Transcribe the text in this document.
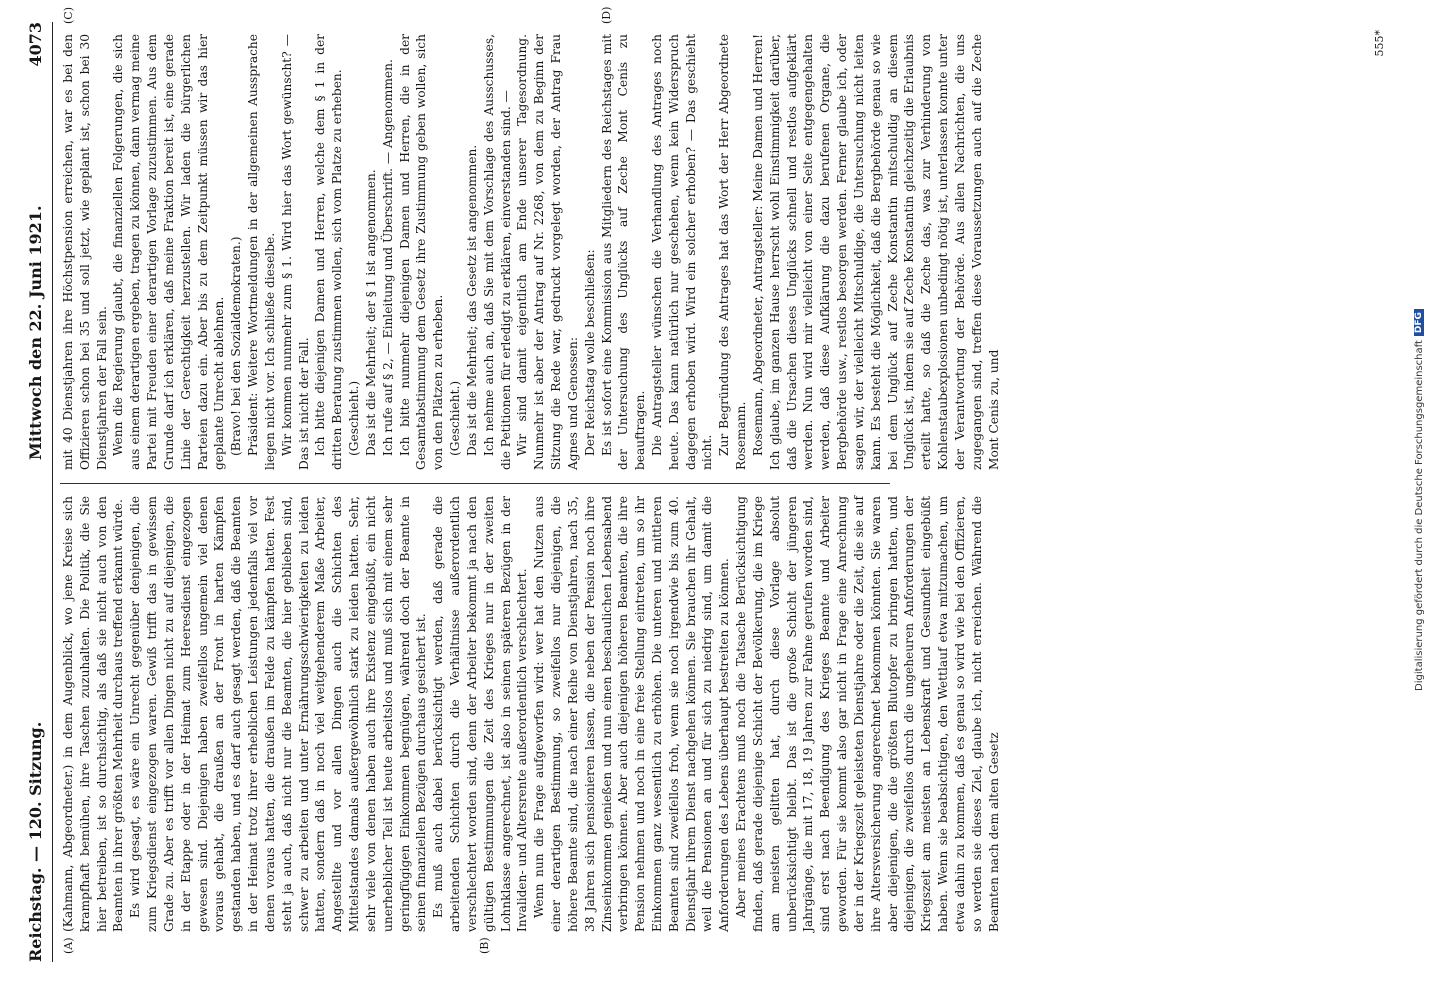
Reichstag. — 120. Sitzung.
Mittwoch den 22. Juni 1921.
4073
(A)	(B)
(C)	(D)

(Kahmann, Abgeordneter.) in dem Augenblick, wo jene Kreise sich krampfhaft bemühen, ihre Taschen zuzuhalten. Die Politik, die Sie hier betreiben, ist so durchsichtig, als daß sie nicht auch von den Beamten in ihrer größten Mehrheit durchaus treffend erkannt würde. Es wird gesagt, es wäre ein Unrecht gegenüber denjenigen, die zum Kriegsdienst eingezogen waren. Gewiß trifft das in gewissem Grade zu. Aber es trifft vor allen Dingen nicht zu auf diejenigen, die in der Etappe oder in der Heimat zum Heeresdienst eingezogen gewesen sind. Diejenigen haben zweifellos ungemein viel denen voraus gehabt, die draußen an der Front in harten Kämpfen gestanden haben, und es darf auch gesagt werden, daß die Beamten in der Heimat trotz ihrer erheblichen Leistungen jedenfalls viel vor denen voraus hatten, die draußen im Felde zu kämpfen hatten. Fest steht ja auch, daß nicht nur die Beamten, die hier geblieben sind, schwer zu arbeiten und unter Ernährungsschwierigkeiten zu leiden hatten, sondern daß in noch viel weitgehenderem Maße Arbeiter, Angestellte und vor allen Dingen auch die Schichten des Mittelstandes damals außergewöhnlich stark zu leiden hatten. Sehr, sehr viele von denen haben auch ihre Existenz eingebüßt, ein nicht unerheblicher Teil ist heute arbeitslos und muß sich mit einem sehr geringfügigen Einkommen begnügen, während doch der Beamte in seinen finanziellen Bezügen durchaus gesichert ist. Es muß auch dabei berücksichtigt werden, daß gerade die arbeitenden Schichten durch die Verhältnisse außerordentlich verschlechtert worden sind, denn der Arbeiter bekommt ja nach den gültigen Bestimmungen die Zeit des Krieges nur in der zweiten Lohnklasse angerechnet, ist also in seinen späteren Bezügen in der Invaliden- und Altersrente außerordentlich verschlechtert. Wenn nun die Frage aufgeworfen wird: wer hat den Nutzen aus einer derartigen Bestimmung, so zweifellos nur diejenigen, die höhere Beamte sind, die nach einer Reihe von Dienstjahren, nach 35, 38 Jahren sich pensionieren lassen, die neben der Pension noch ihre Zinseinkommen genießen und nun einen beschaulichen Lebensabend verbringen können. Aber auch diejenigen höheren Beamten, die ihre Pension nehmen und noch in eine freie Stellung eintreten, um so ihr Einkommen ganz wesentlich zu erhöhen. Die unteren und mittleren Beamten sind zweifellos froh, wenn sie noch irgendwie bis zum 40. Dienstjahr ihrem Dienst nachgehen können. Sie brauchen ihr Gehalt, weil die Pensionen an und für sich zu niedrig sind, um damit die Anforderungen des Lebens überhaupt bestreiten zu können. Aber meines Erachtens muß noch die Tatsache Berücksichtigung finden, daß gerade diejenige Schicht der Bevölkerung, die im Kriege am meisten gelitten hat, durch diese Vorlage absolut unberücksichtigt bleibt. Das ist die große Schicht der jüngeren Jahrgänge, die mit 17, 18, 19 Jahren zur Fahne gerufen worden sind, sind erst nach Beendigung des Krieges Beamte und Arbeiter geworden. Für sie kommt also gar nicht in Frage eine Anrechnung der in der Kriegszeit geleisteten Dienstjahre oder die Zeit, die sie auf ihre Altersversicherung angerechnet bekommen könnten. Sie waren aber diejenigen, die die größten Blutopfer zu bringen hatten, und diejenigen, die zweifellos durch die ungeheuren Anforderungen der Kriegszeit am meisten an Lebenskraft und Gesundheit eingebüßt haben. Wenn sie beabsichtigen, den Wettlauf etwa mitzumachen, um etwa dahin zu kommen, daß es genau so wird wie bei den Offizieren, so werden sie dieses Ziel, glaube ich, nicht erreichen. Während die Beamten nach dem alten Gesetz

mit 40 Dienstjahren ihre Höchstpension erreichen, war es bei den Offizieren schon bei 35 und soll jetzt, wie geplant ist, schon bei 30 Dienstjahren der Fall sein. Wenn die Regierung glaubt, die finanziellen Folgerungen, die sich aus einem derartigen ergeben, tragen zu können, dann vermag meine Partei mit Freuden einer derartigen Vorlage zuzustimmen. Aus dem Grunde darf ich erklären, daß meine Fraktion bereit ist, eine gerade Linie der Gerechtigkeit herzustellen. Wir laden die bürgerlichen Parteien dazu ein. Aber bis zu dem Zeitpunkt müssen wir das hier geplante Unrecht ablehnen. (Bravo! bei den Sozialdemokraten.) Präsident: Weitere Wortmeldungen in der allgemeinen Aussprache liegen nicht vor. Ich schließe dieselbe. Wir kommen nunmehr zum § 1. Wird hier das Wort gewünscht? — Das ist nicht der Fall. Ich bitte diejenigen Damen und Herren, welche dem § 1 in der dritten Beratung zustimmen wollen, sich vom Platze zu erheben. (Geschieht.) Das ist die Mehrheit; der § 1 ist angenommen. Ich rufe auf § 2, — Einleitung und Überschrift. — Angenommen. Ich bitte nunmehr diejenigen Damen und Herren, die in der Gesamtabstimmung dem Gesetz ihre Zustimmung geben wollen, sich von den Plätzen zu erheben. (Geschieht.) Das ist die Mehrheit; das Gesetz ist angenommen. Ich nehme auch an, daß Sie mit dem Vorschlage des Ausschusses, die Petitionen für erledigt zu erklären, einverstanden sind. — Wir sind damit eigentlich am Ende unserer Tagesordnung. Nunmehr ist aber der Antrag auf Nr. 2268, von dem zu Beginn der Sitzung die Rede war, gedruckt vorgelegt worden, der Antrag Frau Agnes und Genossen: Der Reichstag wolle beschließen: Es ist sofort eine Kommission aus Mitgliedern des Reichstages mit der Untersuchung des Unglücks auf Zeche Mont Cenis zu beauftragen. Die Antragsteller wünschen die Verhandlung des Antrages noch heute. Das kann natürlich nur geschehen, wenn kein Widerspruch dagegen erhoben wird. Wird ein solcher erhoben? — Das geschieht nicht. Zur Begründung des Antrages hat das Wort der Herr Abgeordnete Rosemann. Rosemann, Abgeordneter, Antragsteller: Meine Damen und Herren! Ich glaube, im ganzen Hause herrscht wohl Einstimmigkeit darüber, daß die Ursachen dieses Unglücks schnell und restlos aufgeklärt werden. Nun wird mir vielleicht von einer Seite entgegengehalten werden, daß diese Aufklärung die dazu berufenen Organe, die Bergbehörde usw., restlos besorgen werden. Ferner glaube ich, oder sagen wir, der vielleicht Mitschuldige, die Untersuchung nicht leiten kann. Es besteht die Möglichkeit, daß die Bergbehörde genau so wie bei dem Unglück auf Zeche Konstantin mitschuldig an diesem Unglück ist, indem sie auf Zeche Konstantin gleichzeitig die Erlaubnis erteilt hatte, so daß die Zeche das, was zur Verhinderung von Kohlenstaubexplosionen unbedingt nötig ist, unterlassen konnte unter der Verantwortung der Behörde. Aus allen Nachrichten, die uns zugegangen sind, treffen diese Voraussetzungen auch auf die Zeche Mont Cenis zu, und

555*
Digitalisierung gefördert durch die Deutsche Forschungsgemeinschaft
DFG
